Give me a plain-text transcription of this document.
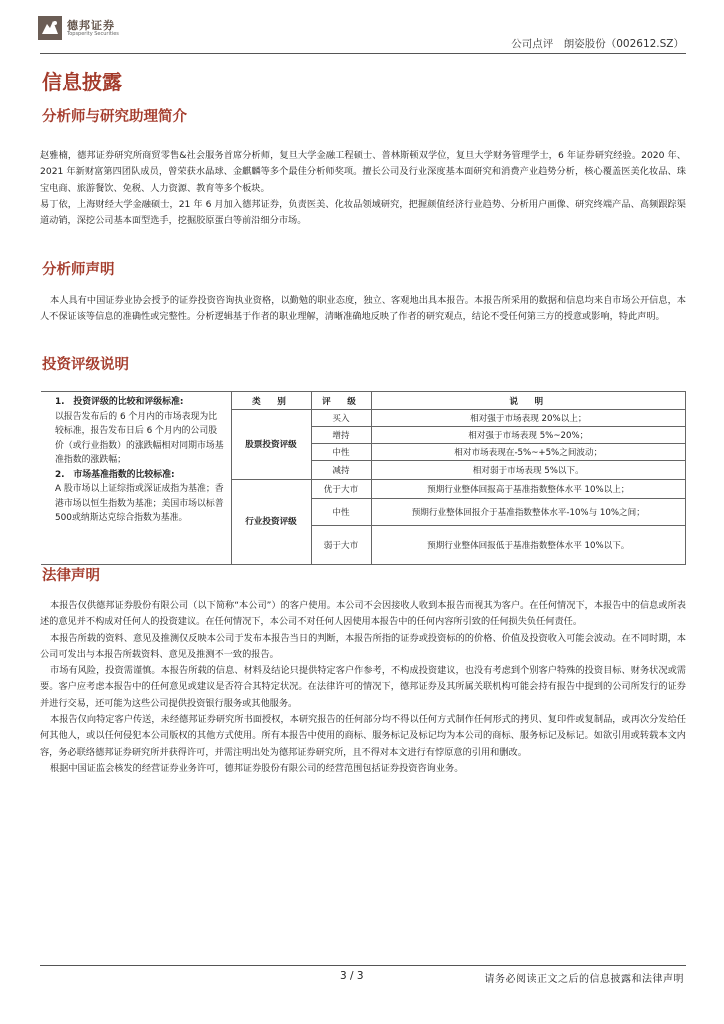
德邦证券
Topsperity Securities
公司点评　朗姿股份（002612.SZ）
信息披露
分析师与研究助理简介

赵雅楠，德邦证券研究所商贸零售&社会服务首席分析师，复旦大学金融工程硕士、普林斯顿双学位，复旦大学财务管理学士，6 年证券研究经验。2020 年、2021 年新财富第四团队成员，曾荣获水晶球、金麒麟等多个最佳分析师奖项。擅长公司及行业深度基本面研究和消费产业趋势分析，核心覆盖医美化妆品、珠宝电商、旅游餐饮、免税、人力资源、教育等多个板块。

易丁依，上海财经大学金融硕士，21 年 6 月加入德邦证券，负责医美、化妆品领域研究，把握颜值经济行业趋势、分析用户画像、研究终端产品、高频跟踪渠道动销，深挖公司基本面型选手，挖掘胶原蛋白等前沿细分市场。

分析师声明

本人具有中国证券业协会授予的证券投资咨询执业资格，以勤勉的职业态度，独立、客观地出具本报告。本报告所采用的数据和信息均来自市场公开信息，本人不保证该等信息的准确性或完整性。分析逻辑基于作者的职业理解，清晰准确地反映了作者的研究观点，结论不受任何第三方的授意或影响，特此声明。

投资评级说明
1.　投资评级的比较和评级标准:
以报告发布后的 6 个月内的市场表现为比较标准，报告发布日后 6 个月内的公司股价（或行业指数）的涨跌幅相对同期市场基准指数的涨跌幅；
2.　市场基准指数的比较标准:
A 股市场以上证综指或深证成指为基准；香港市场以恒生指数为基准；美国市场以标普500或纳斯达克综合指数为基准。	类　别	评　级	说　明
	股票投资评级	买入	相对强于市场表现 20%以上；
		增持	相对强于市场表现 5%~20%；
		中性	相对市场表现在-5%~+5%之间波动；
		减持	相对弱于市场表现 5%以下。
	行业投资评级	优于大市	预期行业整体回报高于基准指数整体水平 10%以上；
		中性	预期行业整体回报介于基准指数整体水平-10%与 10%之间；
		弱于大市	预期行业整体回报低于基准指数整体水平 10%以下。
法律声明

本报告仅供德邦证券股份有限公司（以下简称“本公司”）的客户使用。本公司不会因接收人收到本报告而视其为客户。在任何情况下，本报告中的信息或所表述的意见并不构成对任何人的投资建议。在任何情况下，本公司不对任何人因使用本报告中的任何内容所引致的任何损失负任何责任。

本报告所载的资料、意见及推测仅反映本公司于发布本报告当日的判断，本报告所指的证券或投资标的的价格、价值及投资收入可能会波动。在不同时期，本公司可发出与本报告所载资料、意见及推测不一致的报告。

市场有风险，投资需谨慎。本报告所载的信息、材料及结论只提供特定客户作参考，不构成投资建议，也没有考虑到个别客户特殊的投资目标、财务状况或需要。客户应考虑本报告中的任何意见或建议是否符合其特定状况。在法律许可的情况下，德邦证券及其所属关联机构可能会持有报告中提到的公司所发行的证券并进行交易，还可能为这些公司提供投资银行服务或其他服务。

本报告仅向特定客户传送，未经德邦证券研究所书面授权，本研究报告的任何部分均不得以任何方式制作任何形式的拷贝、复印件或复制品，或再次分发给任何其他人，或以任何侵犯本公司版权的其他方式使用。所有本报告中使用的商标、服务标记及标记均为本公司的商标、服务标记及标记。如欲引用或转载本文内容，务必联络德邦证券研究所并获得许可，并需注明出处为德邦证券研究所，且不得对本文进行有悖原意的引用和删改。

根据中国证监会核发的经营证券业务许可，德邦证券股份有限公司的经营范围包括证券投资咨询业务。

3 / 3	请务必阅读正文之后的信息披露和法律声明
